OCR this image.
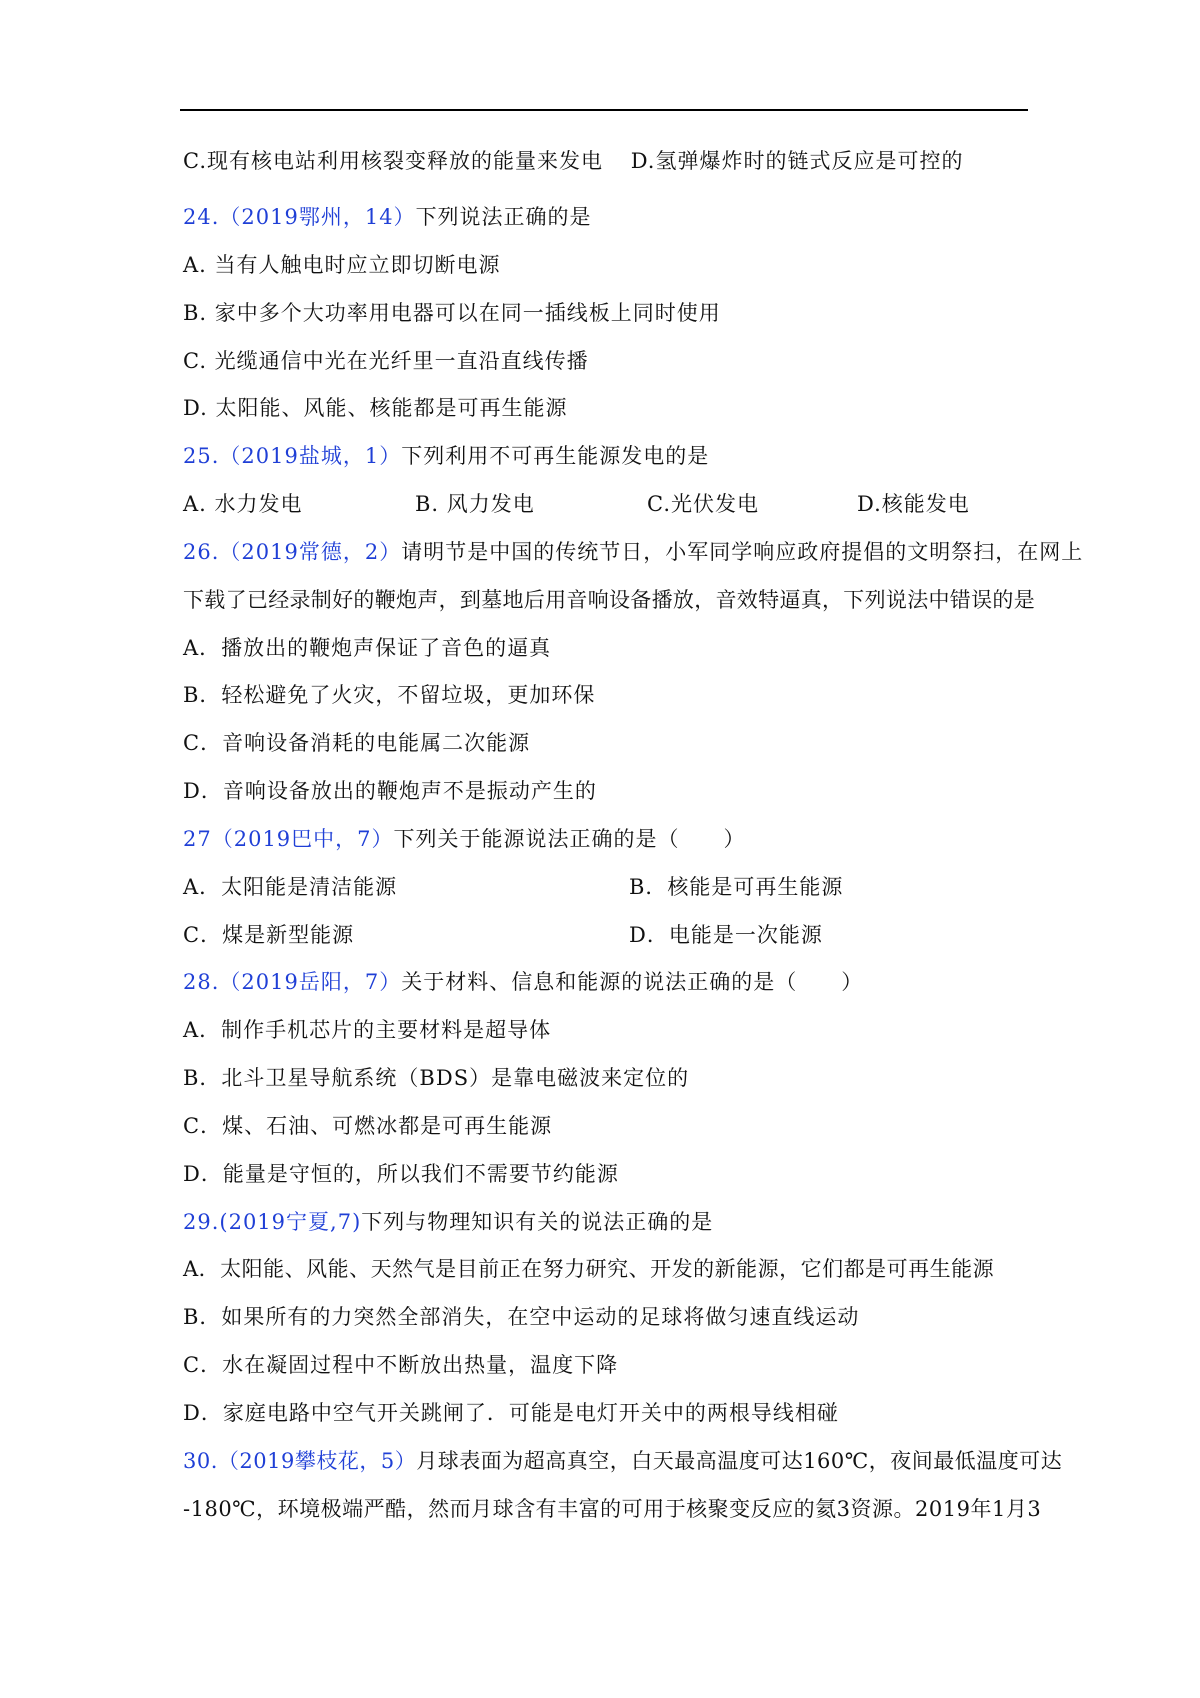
C.现有核电站利用核裂变释放的能量来发电 D.氢弹爆炸时的链式反应是可控的
24.（2019鄂州，14）下列说法正确的是
A. 当有人触电时应立即切断电源
B. 家中多个大功率用电器可以在同一插线板上同时使用
C. 光缆通信中光在光纤里一直沿直线传播
D. 太阳能、风能、核能都是可再生能源
25.（2019盐城，1）下列利用不可再生能源发电的是
A. 水力发电	B. 风力发电	C.光伏发电	D.核能发电
26.（2019常德，2）请明节是中国的传统节日，小军同学响应政府提倡的文明祭扫，在网上
下载了已经录制好的鞭炮声，到墓地后用音响设备播放，音效特逼真，下列说法中错误的是
A．播放出的鞭炮声保证了音色的逼真
B．轻松避免了火灾，不留垃圾，更加环保
C．音响设备消耗的电能属二次能源
D．音响设备放出的鞭炮声不是振动产生的
27（2019巴中，7）下列关于能源说法正确的是（　　）
A．太阳能是清洁能源	B．核能是可再生能源
C．煤是新型能源	D．电能是一次能源
28.（2019岳阳，7）关于材料、信息和能源的说法正确的是（　　）
A．制作手机芯片的主要材料是超导体
B．北斗卫星导航系统（BDS）是靠电磁波来定位的
C．煤、石油、可燃冰都是可再生能源
D．能量是守恒的，所以我们不需要节约能源
29.(2019宁夏,7)下列与物理知识有关的说法正确的是
A．太阳能、风能、天然气是目前正在努力研究、开发的新能源，它们都是可再生能源
B．如果所有的力突然全部消失，在空中运动的足球将做匀速直线运动
C．水在凝固过程中不断放出热量，温度下降
D．家庭电路中空气开关跳闸了．可能是电灯开关中的两根导线相碰
30.（2019攀枝花，5）月球表面为超高真空，白天最高温度可达160℃，夜间最低温度可达
-180℃，环境极端严酷，然而月球含有丰富的可用于核聚变反应的氦3资源。2019年1月3
